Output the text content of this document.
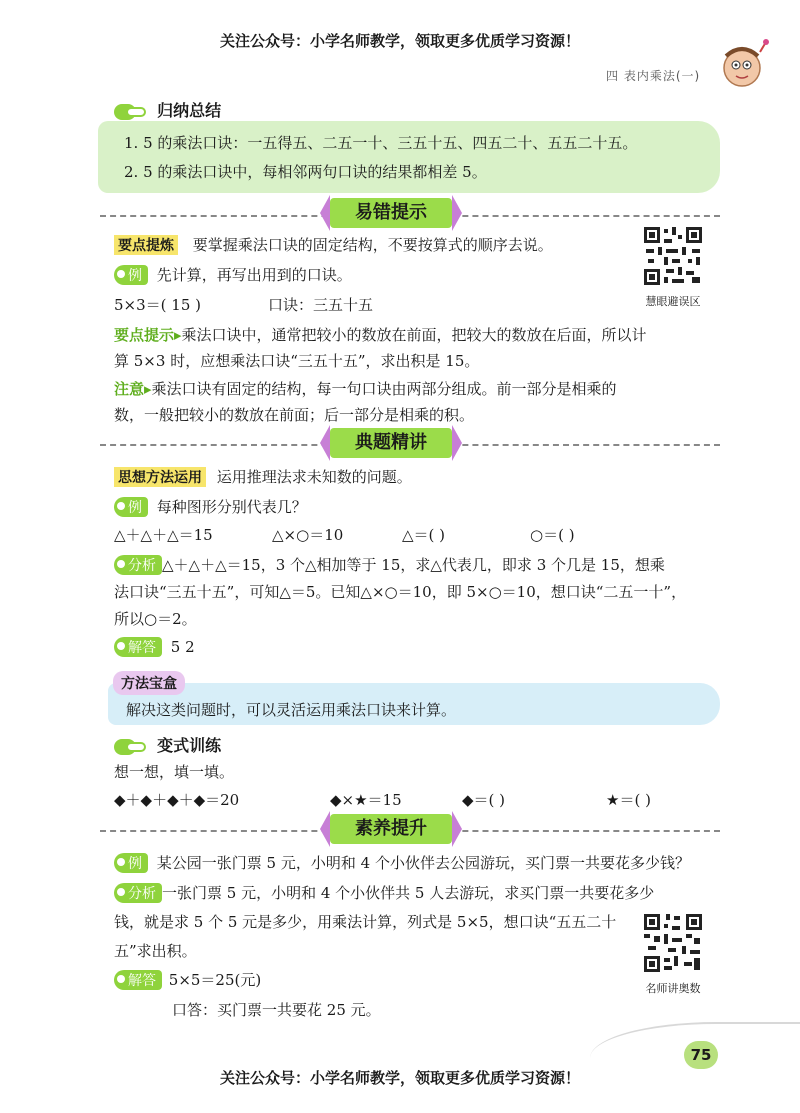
关注公众号：小学名师教学，领取更多优质学习资源！
四 表内乘法(一)
归纳总结
1. 5 的乘法口诀：一五得五、二五一十、三五十五、四五二十、五五二十五。
2. 5 的乘法口诀中，每相邻两句口诀的结果都相差 5。
易错提示
要点提炼 要掌握乘法口诀的固定结构，不要按算式的顺序去说。
例 先计算，再写出用到的口诀。
5×3＝( 15 )	口诀：三五十五
要点提示▸乘法口诀中，通常把较小的数放在前面，把较大的数放在后面，所以计
算 5×3 时，应想乘法口诀“三五十五”，求出积是 15。
注意▸乘法口诀有固定的结构，每一句口诀由两部分组成。前一部分是相乘的
数，一般把较小的数放在前面；后一部分是相乘的积。
慧眼避误区
典题精讲
思想方法运用 运用推理法求未知数的问题。
例 每种图形分别代表几？
△＋△＋△＝15	△×○＝10	△＝( )	○＝( )
分析 △＋△＋△＝15，3 个△相加等于 15，求△代表几，即求 3 个几是 15，想乘
法口诀“三五十五”，可知△＝5。已知△×○＝10，即 5×○＝10，想口诀“二五一十”，
所以○＝2。
解答 5 2
方法宝盒
解决这类问题时，可以灵活运用乘法口诀来计算。
变式训练
想一想，填一填。
◆＋◆＋◆＋◆＝20	◆×★＝15	◆＝( )	★＝( )
素养提升
例 某公园一张门票 5 元，小明和 4 个小伙伴去公园游玩，买门票一共要花多少钱？
分析 一张门票 5 元，小明和 4 个小伙伴共 5 人去游玩，求买门票一共要花多少
钱，就是求 5 个 5 元是多少，用乘法计算，列式是 5×5，想口诀“五五二十
五”求出积。
解答 5×5＝25(元)
口答：买门票一共要花 25 元。
名师讲奥数
75
关注公众号：小学名师教学，领取更多优质学习资源！
